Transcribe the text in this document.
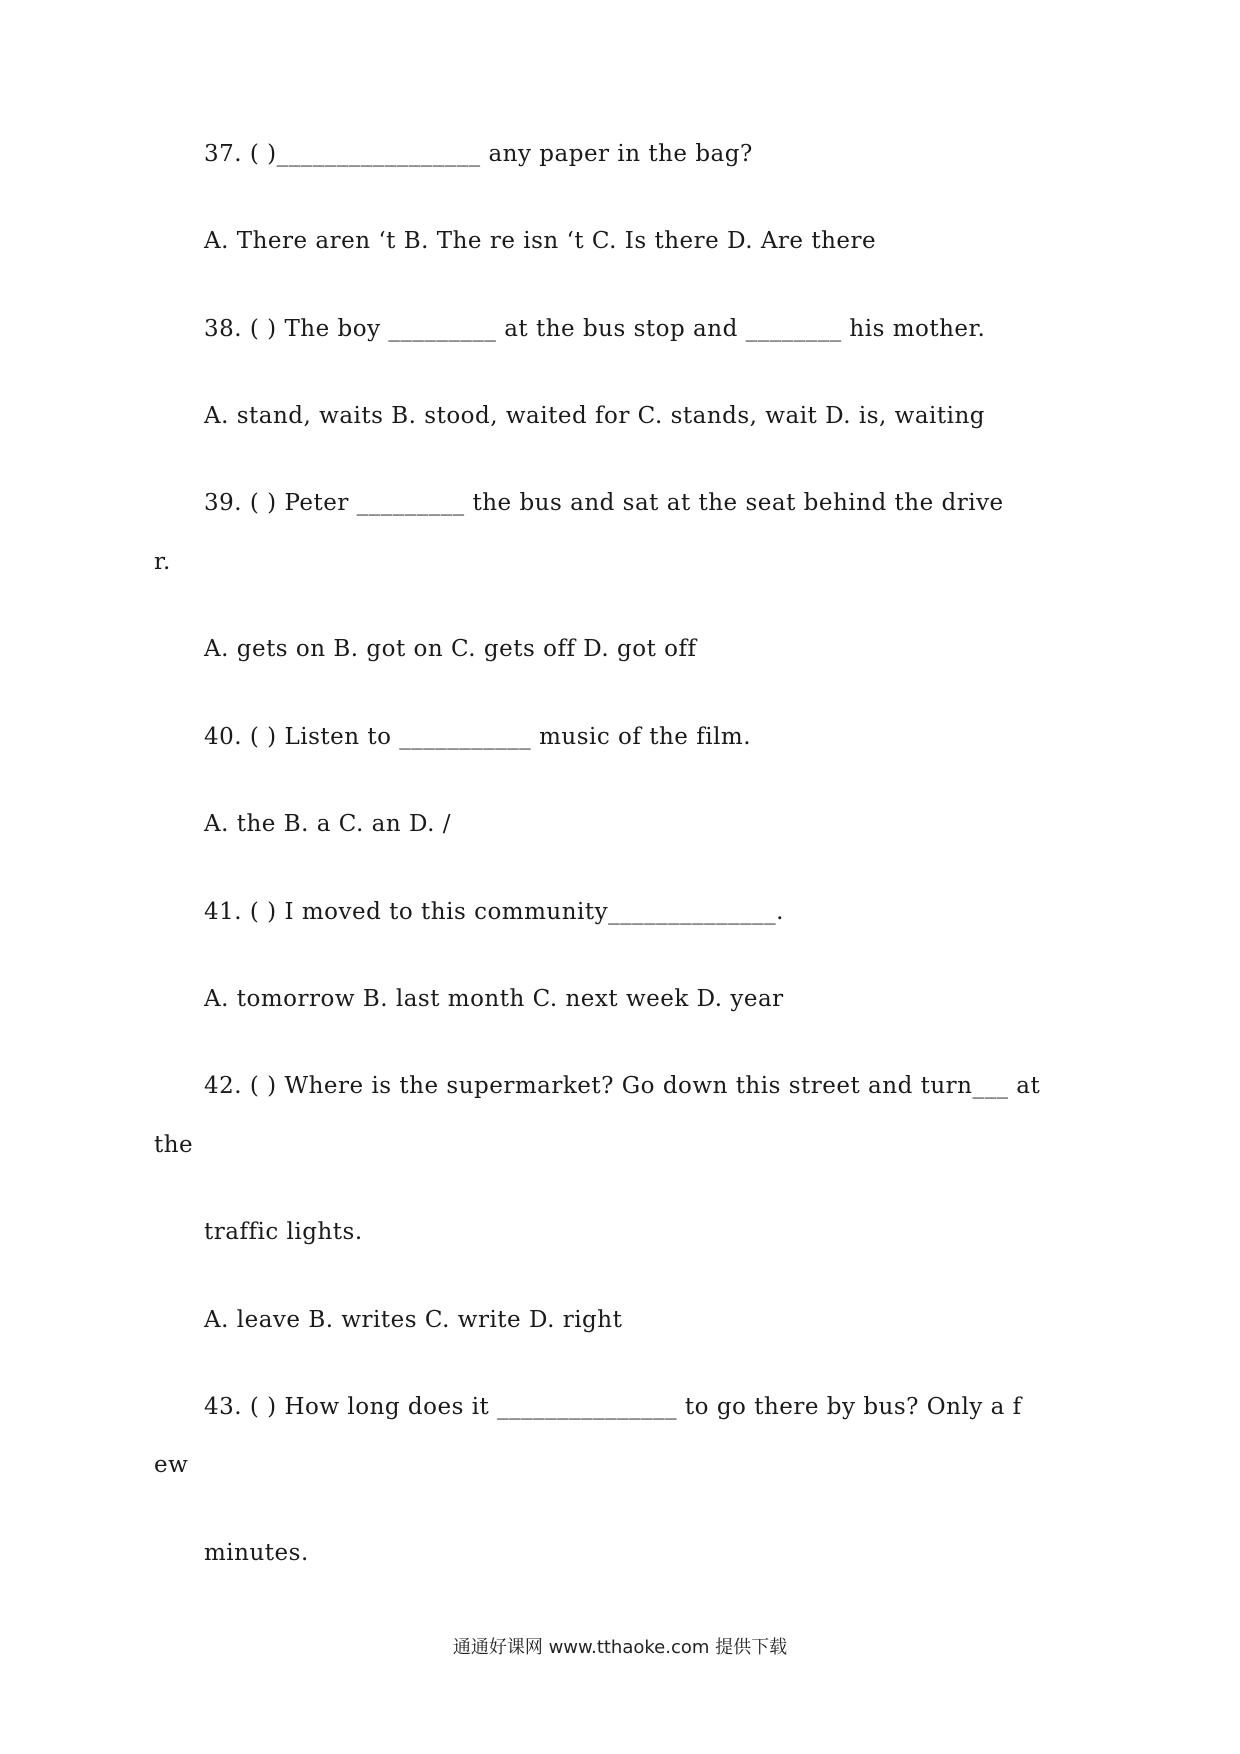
37. ( )_________________ any paper in the bag?
A. There aren ‘t B. The re isn ‘t C. Is there D. Are there
38. ( ) The boy _________ at the bus stop and ________ his mother.
A. stand, waits B. stood, waited for C. stands, wait D. is, waiting
39. ( ) Peter _________ the bus and sat at the seat behind the drive
r.
A. gets on B. got on C. gets off D. got off
40. ( ) Listen to ___________ music of the film.
A. the B. a C. an D. /
41. ( ) I moved to this community______________.
A. tomorrow B. last month C. next week D. year
42. ( ) Where is the supermarket? Go down this street and turn___ at
the
traffic lights.
A. leave B. writes C. write D. right
43. ( ) How long does it _______________ to go there by bus? Only a f
ew
minutes.
通通好课网 www.tthaoke.com 提供下载
